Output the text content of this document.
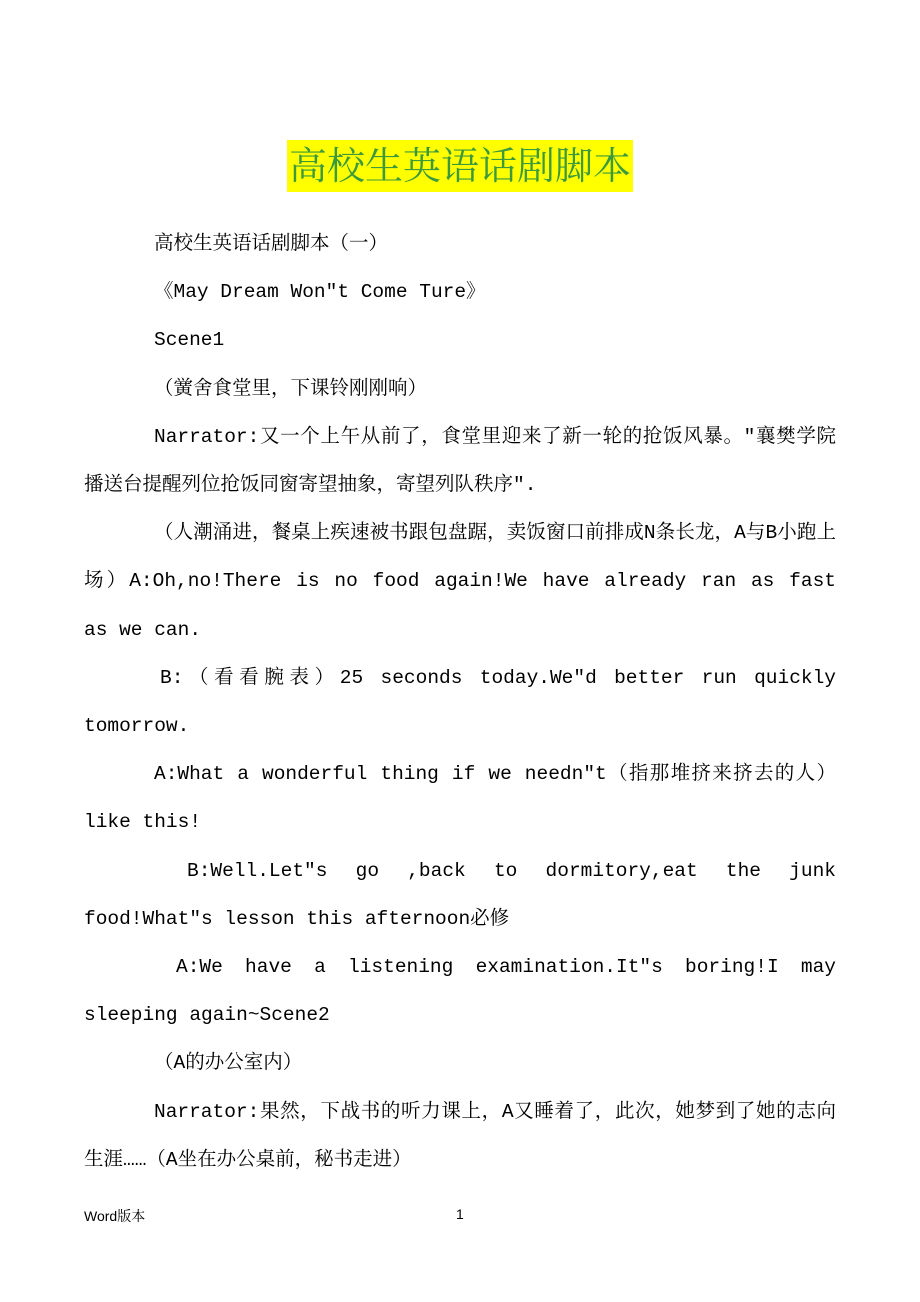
高校生英语话剧脚本

高校生英语话剧脚本（一）

《May Dream Won"t Come Ture》

Scene1

（黉舍食堂里，下课铃刚刚响）

Narrator:又一个上午从前了，食堂里迎来了新一轮的抢饭风暴。"襄樊学院播送台提醒列位抢饭同窗寄望抽象，寄望列队秩序".

（人潮涌进，餐桌上疾速被书跟包盘踞，卖饭窗口前排成N条长龙，A与B小跑上场）A:Oh,no!There is no food again!We have already ran as fast as we can.

B:（看看腕表）25 seconds today.We"d better run quickly tomorrow.

A:What a wonderful thing if we needn"t（指那堆挤来挤去的人）like this!

B:Well.Let"s go ,back to dormitory,eat the junk food!What"s lesson this afternoon必修

A:We have a listening examination.It"s boring!I may sleeping again~Scene2

（A的办公室内）

Narrator:果然，下战书的听力课上，A又睡着了，此次，她梦到了她的志向生涯……（A坐在办公桌前，秘书走进）

Word版本	1
